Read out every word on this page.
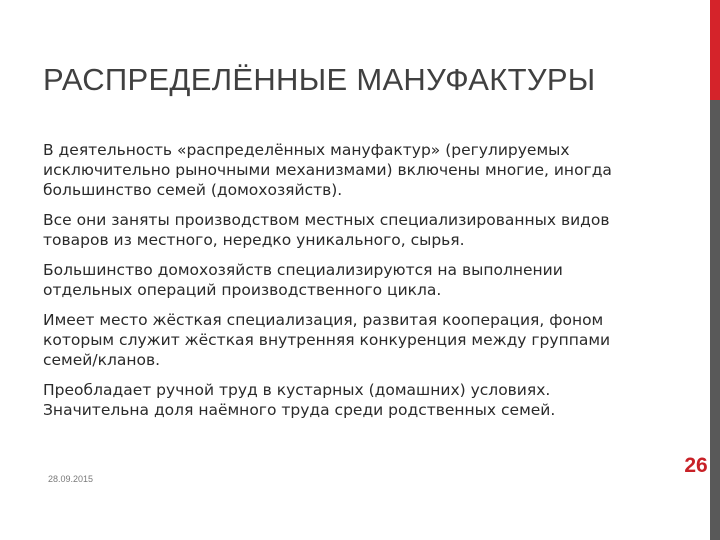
РАСПРЕДЕЛЁННЫЕ МАНУФАКТУРЫ

В деятельность «распределённых мануфактур» (регулируемых исключительно рыночными механизмами) включены многие, иногда большинство семей (домохозяйств).

Все они заняты производством местных специализированных видов товаров из местного, нередко уникального, сырья.

Большинство домохозяйств специализируются на выполнении отдельных операций производственного цикла.

Имеет место жёсткая специализация, развитая кооперация, фоном которым служит жёсткая внутренняя конкуренция между группами семей/кланов.

Преобладает ручной труд в кустарных (домашних) условиях. Значительна доля наёмного труда среди родственных семей.

28.09.2015
26
